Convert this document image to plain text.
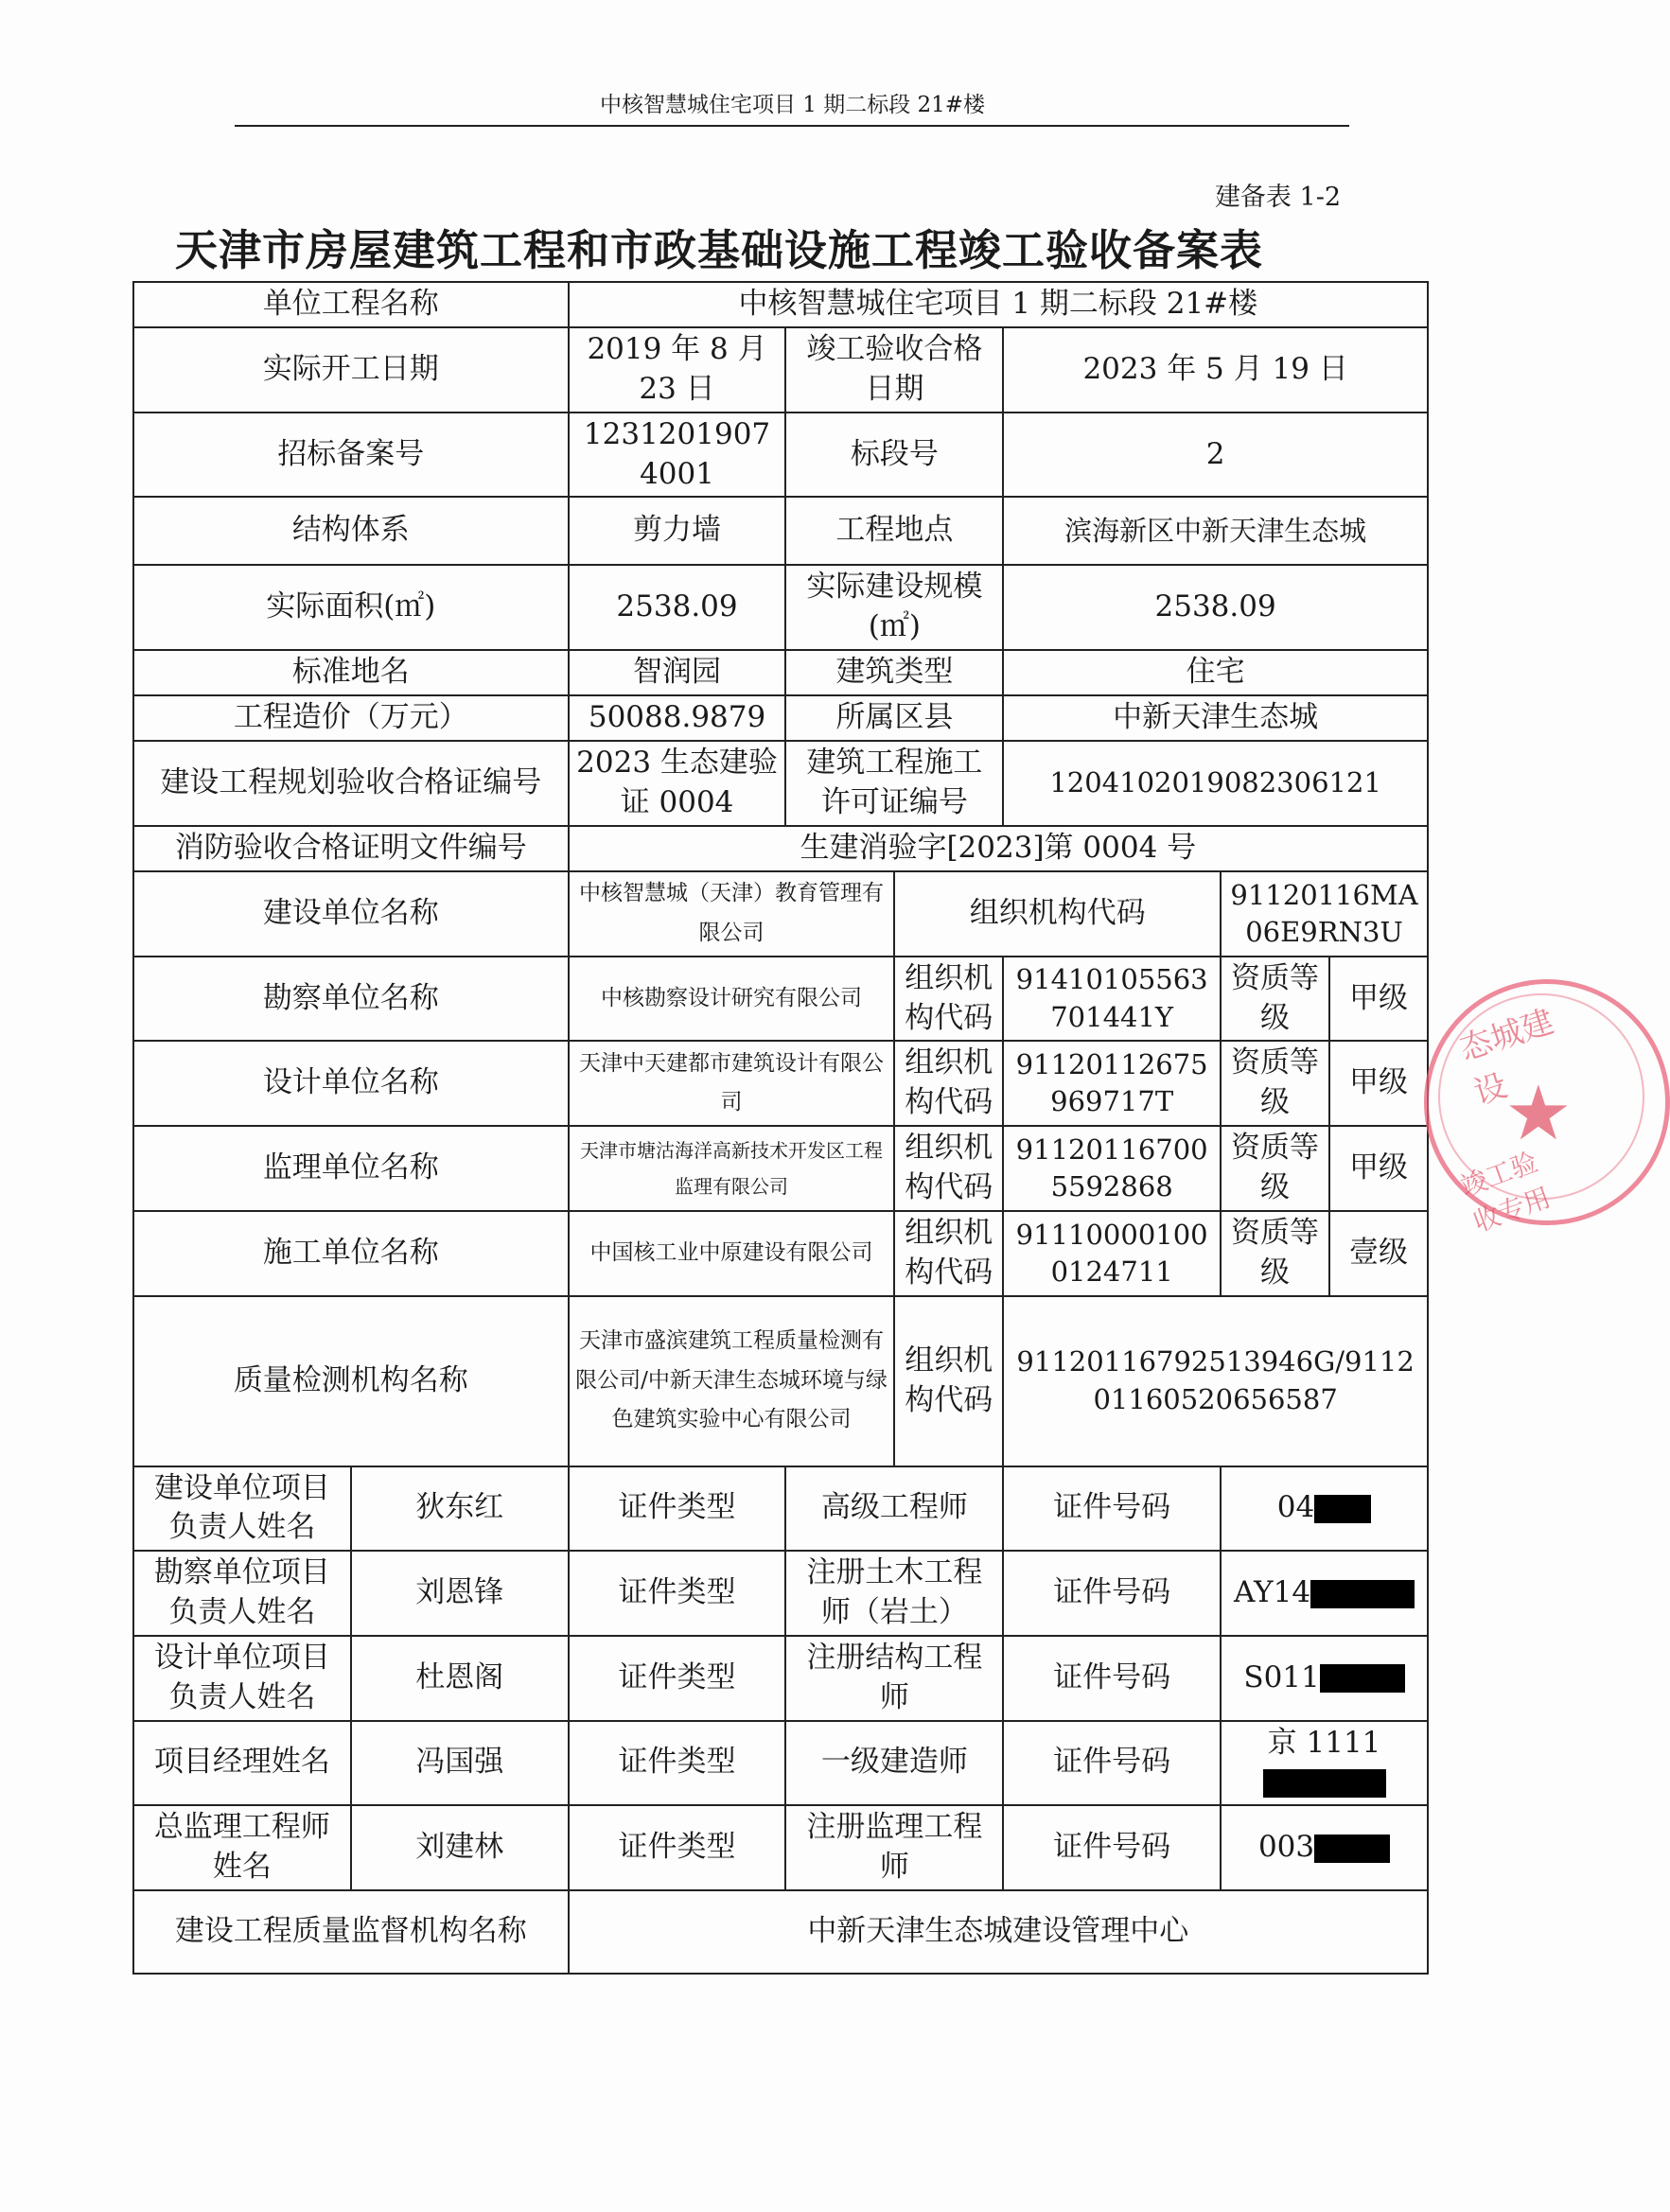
中核智慧城住宅项目 1 期二标段 21#楼
建备表 1-2
天津市房屋建筑工程和市政基础设施工程竣工验收备案表
单位工程名称		中核智慧城住宅项目 1 期二标段 21#楼					
实际开工日期		2019 年 8 月 23 日	竣工验收合格日期		2023 年 5 月 19 日		
招标备案号		12312019074001	标段号		2		
结构体系		剪力墙	工程地点		滨海新区中新天津生态城		
实际面积(㎡)		2538.09	实际建设规模(㎡)		2538.09		
标准地名		智润园	建筑类型		住宅		
工程造价（万元）		50088.9879	所属区县		中新天津生态城		
建设工程规划验收合格证编号		2023 生态建验证 0004	建筑工程施工许可证编号		120410201908230612​1		
消防验收合格证明文件编号		生建消验字[2023]第 0004 号					
建设单位名称		中核智慧城（天津）教育管理有限公司		组织机构代码		91120116MA06E9RN3U	
勘察单位名称		中核勘察设计研究有限公司		组织机构代码	91410105563701441Y	资质等级	甲级
设计单位名称		天津中天建都市建筑设计有限公司		组织机构代码	91120112675969717T	资质等级	甲级
监理单位名称		天津市塘沽海洋高新技术开发区工程监理有限公司		组织机构代码	911201167005592868	资质等级	甲级
施工单位名称		中国核工业中原建设有限公司		组织机构代码	911100001000124711	资质等级	壹级
质量检测机构名称		天津市盛滨建筑工程质量检测有限公司/中新天津生态城环境与绿色建筑实验中心有限公司		组织机构代码	91120116792513946G/911201160520656587		
建设单位项目负责人姓名	狄东红	证件类型	高级工程师		证件号码	04	
勘察单位项目负责人姓名	刘恩锋	证件类型	注册土木工程师（岩土）		证件号码	AY14	
设计单位项目负责人姓名	杜恩阁	证件类型	注册结构工程师		证件号码	S011	
项目经理姓名	冯国强	证件类型	一级建造师		证件号码	京 1111	
总监理工程师姓名	刘建林	证件类型	注册监理工程师		证件号码	003	
建设工程质量监督机构名称		中新天津生态城建设管理中心					
★
态城建设
竣工验收专用
